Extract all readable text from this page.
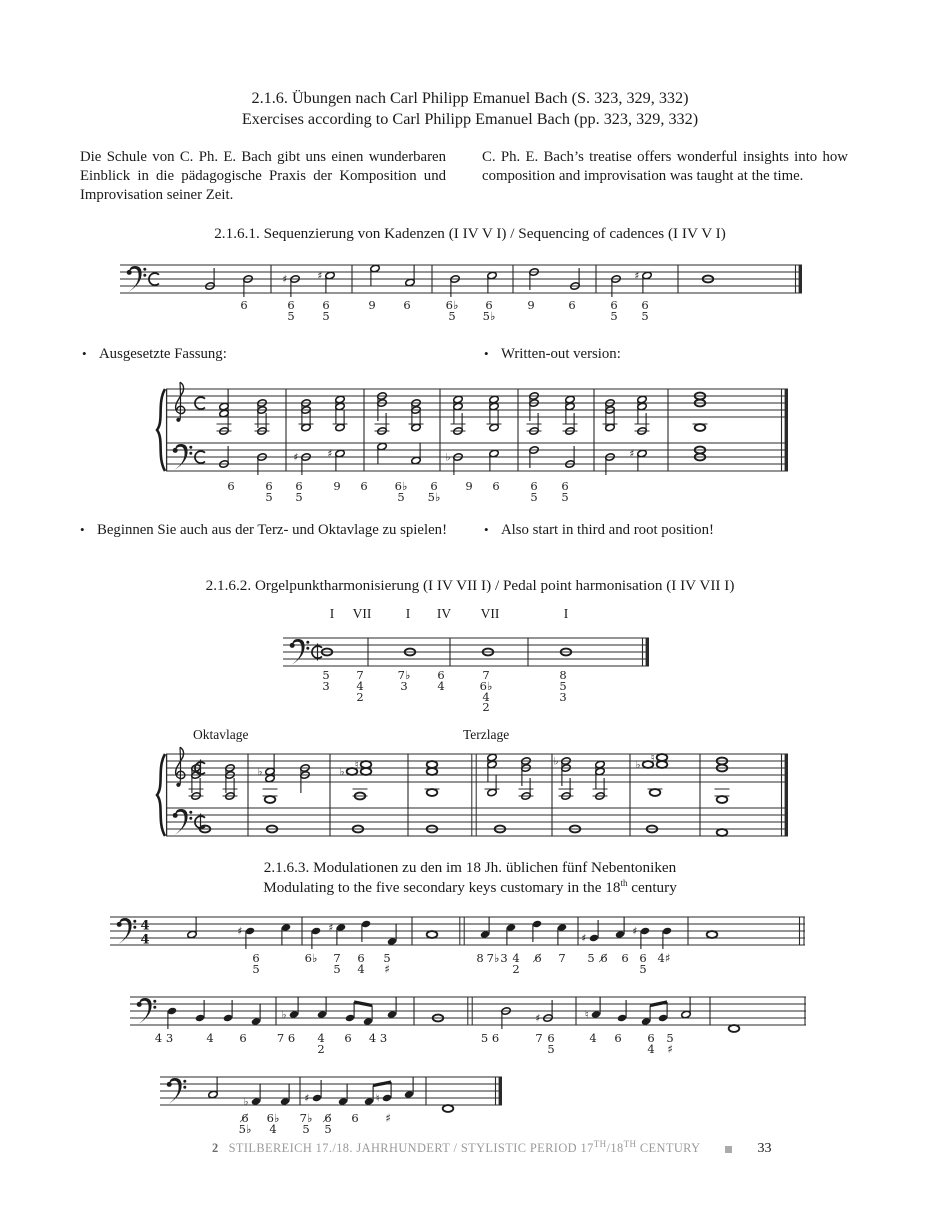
2.1.6. Übungen nach Carl Philipp Emanuel Bach (S. 323, 329, 332)
Exercises according to Carl Philipp Emanuel Bach (pp. 323, 329, 332)

Die Schule von C. Ph. E. Bach gibt uns einen wunderbaren Einblick in die pädagogische Praxis der Komposition und Improvisation seiner Zeit.

C. Ph. E. Bach’s treatise offers wonderful insights into how composition and improvisation was taught at the time.

2.1.6.1. Sequenzierung von Kadenzen (I IV V I) / Sequencing of cadences (I IV V I)
♯	♯	♯
6	6
5
6
5
9 6	6♭
5
6
5♭
9	6	6
5
6
5
• Ausgesetzte Fassung:	• Written-out version:
♯	♯	♭	♯
6	6
5
6
5
9 6 6♭
5
6
5♭
9 6	6
5
6
5
• Beginnen Sie auch aus der Terz- und Oktavlage zu spielen!	• Also start in third and root position!
2.1.6.2. Orgelpunktharmonisierung (I IV VII I) / Pedal point harmonisation (I IV VII I)
I VII	I IV VII	I
5
3
7
4
2
7♭
3
6
4
7
6♭
4
2
8
5
3
Oktavlage	Terzlage
♭	♭
♮	♭	♭
♮
2.1.6.3. Modulationen zu den im 18 Jh. üblichen fünf Nebentoniken
Modulating to the five secondary keys customary in the 18th century
4
4
♯	♯
♯
♯
6
5
6♭ 7
5
6
4
5
♯
8 7♭ 3 4
2
6̸ 7 5 6̸ 6 6
5
4♯
♭	♯	♮
4 3	4 6	7 6 4
2
6 4 3	5 6	7 6
5
4 6 6
4
5
♯
♭	♯	♮
6̸
5♭
6♭
4
7♭
5
6̸
5
6 ♯
2 STILBEREICH 17./18. JAHRHUNDERT / STYLISTIC PERIOD 17TH/18TH CENTURY	33
